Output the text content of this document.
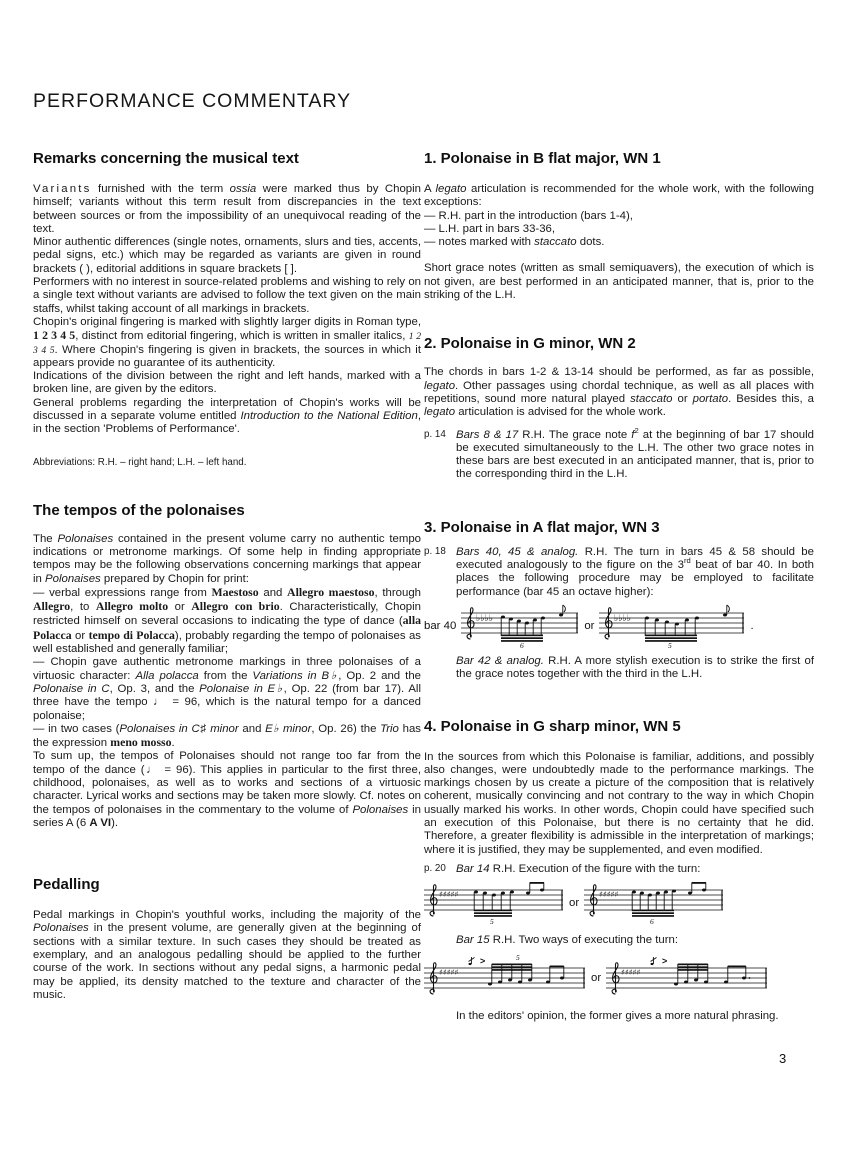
PERFORMANCE COMMENTARY
Remarks concerning the musical text
Variants furnished with the term ossia were marked thus by Chopin himself; variants without this term result from discrepancies in the text between sources or from the impossibility of an unequivocal reading of the text.
Minor authentic differences (single notes, ornaments, slurs and ties, accents, pedal signs, etc.) which may be regarded as variants are given in round brackets ( ), editorial additions in square brackets [ ].
Performers with no interest in source-related problems and wishing to rely on a single text without variants are advised to follow the text given on the main staffs, whilst taking account of all markings in brackets.
Chopin's original fingering is marked with slightly larger digits in Roman type, 1 2 3 4 5, distinct from editorial fingering, which is written in smaller italics, 1 2 3 4 5. Where Chopin's fingering is given in brackets, the sources in which it appears provide no guarantee of its authenticity.
Indications of the division between the right and left hands, marked with a broken line, are given by the editors.
General problems regarding the interpretation of Chopin's works will be discussed in a separate volume entitled Introduction to the National Edition, in the section 'Problems of Performance'.
Abbreviations: R.H. – right hand; L.H. – left hand.
The tempos of the polonaises
The Polonaises contained in the present volume carry no authentic tempo indications or metronome markings. Of some help in finding appropriate tempos may be the following observations concerning markings that appear in Polonaises prepared by Chopin for print:
— verbal expressions range from Maestoso and Allegro maestoso, through Allegro, to Allegro molto or Allegro con brio. Characteristically, Chopin restricted himself on several occasions to indicating the type of dance (alla Polacca or tempo di Polacca), probably regarding the tempo of polonaises as well established and generally familiar;
— Chopin gave authentic metronome markings in three polonaises of a virtuosic character: Alla polacca from the Variations in B♭, Op. 2 and the Polonaise in C, Op. 3, and the Polonaise in E♭, Op. 22 (from bar 17). All three have the tempo ♩ = 96, which is the natural tempo for a danced polonaise;
— in two cases (Polonaises in C♯ minor and E♭ minor, Op. 26) the Trio has the expression meno mosso.
To sum up, the tempos of Polonaises should not range too far from the tempo of the dance (♩ = 96). This applies in particular to the first three, childhood, polonaises, as well as to works and sections of a virtuosic character. Lyrical works and sections may be taken more slowly. Cf. notes on the tempos of polonaises in the commentary to the volume of Polonaises in series A (6 A VI).
Pedalling
Pedal markings in Chopin's youthful works, including the majority of the Polonaises in the present volume, are generally given at the beginning of sections with a similar texture. In such cases they should be treated as exemplary, and an analogous pedalling should be applied to the further course of the work. In sections without any pedal signs, a harmonic pedal may be applied, its density matched to the texture and character of the music.
1. Polonaise in B flat major, WN 1
A legato articulation is recommended for the whole work, with the following exceptions:
— R.H. part in the introduction (bars 1-4),
— L.H. part in bars 33-36,
— notes marked with staccato dots.
Short grace notes (written as small semiquavers), the execution of which is not given, are best performed in an anticipated manner, that is, prior to the striking of the L.H.
2. Polonaise in G minor, WN 2
The chords in bars 1-2 & 13-14 should be performed, as far as possible, legato. Other passages using chordal technique, as well as all places with repetitions, sound more natural played staccato or portato. Besides this, a legato articulation is advised for the whole work.
p. 14 Bars 8 & 17 R.H. The grace note $f^2$ at the beginning of bar 17 should be executed simultaneously to the L.H. The other two grace notes in these bars are best executed in an anticipated manner, that is, prior to the corresponding third in the L.H.
3. Polonaise in A flat major, WN 3
p. 18 Bars 40, 45 & analog. R.H. The turn in bars 45 & 58 should be executed analogously to the figure on the 3rd beat of bar 40. In both places the following procedure may be employed to facilitate performance (bar 45 an octave higher):
bar 40
♭♭♭♭
6
or
♭♭♭♭
5
.
Bar 42 & analog. R.H. A more stylish execution is to strike the first of the grace notes together with the third in the L.H.
4. Polonaise in G sharp minor, WN 5
In the sources from which this Polonaise is familiar, additions, and possibly also changes, were undoubtedly made to the performance markings. The markings chosen by us create a picture of the composition that is relatively coherent, musically convincing and not contrary to the way in which Chopin usually marked his works. In other words, Chopin could have specified such an execution of this Polonaise, but there is no certainty that he did. Therefore, a greater flexibility is admissible in the interpretation of markings; where it is justified, they may be supplemented, and even modified.
p. 20 Bar 14 R.H. Execution of the figure with the turn:
♯♯♯♯♯
5
or
♯♯♯♯♯
6
Bar 15 R.H. Two ways of executing the turn:
♯♯♯♯♯
>	5
or	♯♯♯♯♯
>
In the editors' opinion, the former gives a more natural phrasing.
3
